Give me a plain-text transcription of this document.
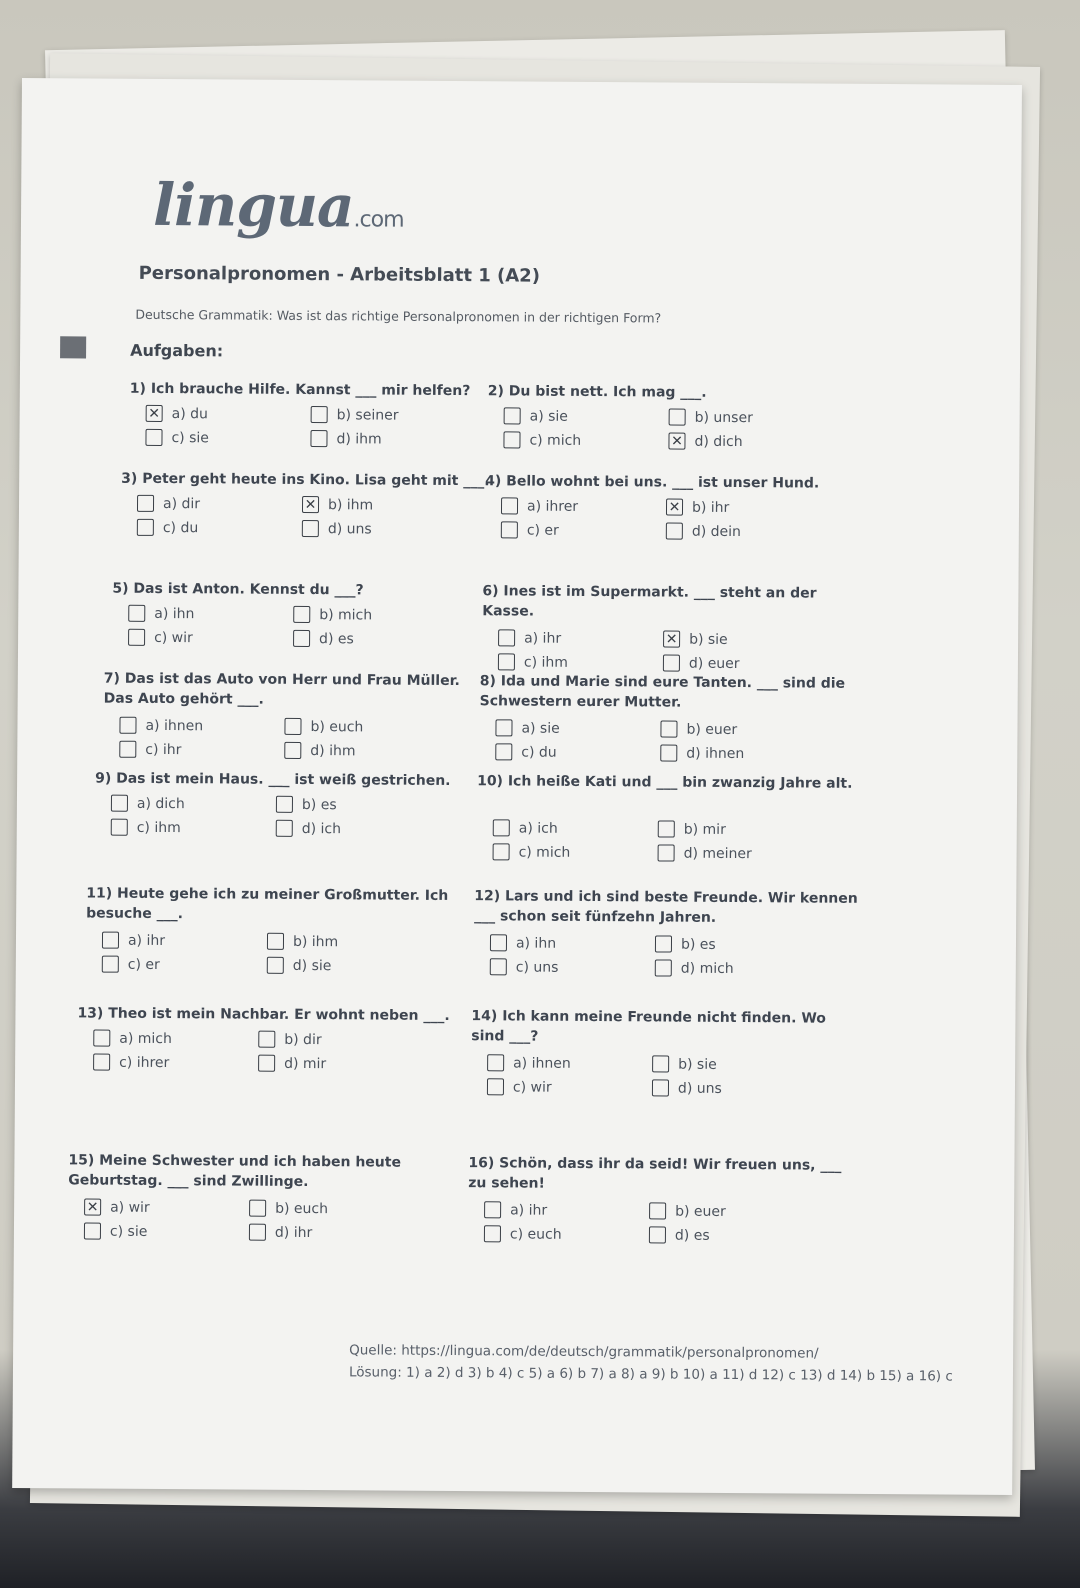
lingua.com
Personalpronomen - Arbeitsblatt 1 (A2)
Deutsche Grammatik: Was ist das richtige Personalpronomen in der richtigen Form?
Aufgaben:
1) Ich brauche Hilfe. Kannst ___ mir helfen?
✕ a) du	b) seiner
c) sie	d) ihm
2) Du bist nett. Ich mag ___.
a) sie	b) unser
c) mich	✕ d) dich
3) Peter geht heute ins Kino. Lisa geht mit ___.
a) dir	✕ b) ihm
c) du	d) uns
4) Bello wohnt bei uns. ___ ist unser Hund.
a) ihrer	✕ b) ihr
c) er	d) dein
5) Das ist Anton. Kennst du ___?
a) ihn	b) mich
c) wir	d) es
6) Ines ist im Supermarkt. ___ steht an der Kasse.
a) ihr	✕ b) sie
c) ihm	d) euer
7) Das ist das Auto von Herr und Frau Müller. Das Auto gehört ___.
a) ihnen	b) euch
c) ihr	d) ihm
8) Ida und Marie sind eure Tanten. ___ sind die Schwestern eurer Mutter.
a) sie	b) euer
c) du	d) ihnen
9) Das ist mein Haus. ___ ist weiß gestrichen.
a) dich	b) es
c) ihm	d) ich
10) Ich heiße Kati und ___ bin zwanzig Jahre alt.
a) ich	b) mir
c) mich	d) meiner
11) Heute gehe ich zu meiner Großmutter. Ich besuche ___.
a) ihr	b) ihm
c) er	d) sie
12) Lars und ich sind beste Freunde. Wir kennen ___ schon seit fünfzehn Jahren.
a) ihn	b) es
c) uns	d) mich
13) Theo ist mein Nachbar. Er wohnt neben ___.
a) mich	b) dir
c) ihrer	d) mir
14) Ich kann meine Freunde nicht finden. Wo sind ___?
a) ihnen	b) sie
c) wir	d) uns
15) Meine Schwester und ich haben heute Geburtstag. ___ sind Zwillinge.
✕ a) wir	b) euch
c) sie	d) ihr
16) Schön, dass ihr da seid! Wir freuen uns, ___ zu sehen!
a) ihr	b) euer
c) euch	d) es
Quelle: https://lingua.com/de/deutsch/grammatik/personalpronomen/
Lösung: 1) a 2) d 3) b 4) c 5) a 6) b 7) a 8) a 9) b 10) a 11) d 12) c 13) d 14) b 15) a 16) c
